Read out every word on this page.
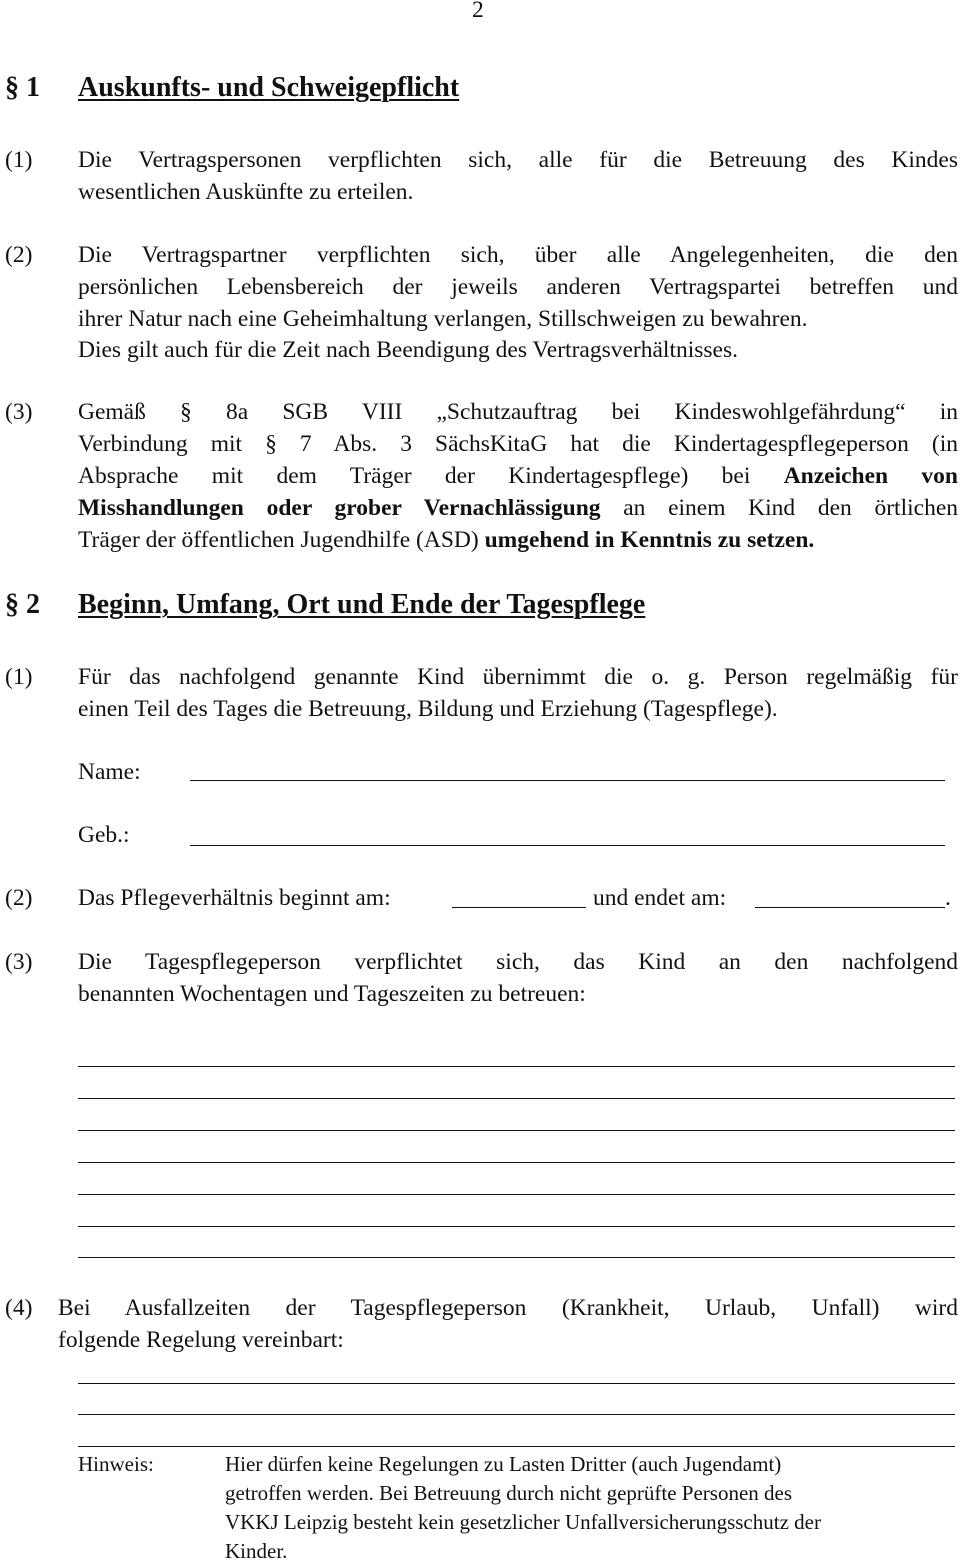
2
§ 1 Auskunfts- und Schweigepflicht
(1) Die Vertragspersonen verpflichten sich, alle für die Betreuung des Kindes
wesentlichen Auskünfte zu erteilen.
(2) Die Vertragspartner verpflichten sich, über alle Angelegenheiten, die den
persönlichen Lebensbereich der jeweils anderen Vertragspartei betreffen und
ihrer Natur nach eine Geheimhaltung verlangen, Stillschweigen zu bewahren.
Dies gilt auch für die Zeit nach Beendigung des Vertragsverhältnisses.
(3) Gemäß § 8a SGB VIII „Schutzauftrag bei Kindeswohlgefährdung“ in
Verbindung mit § 7 Abs. 3 SächsKitaG hat die Kindertagespflegeperson (in
Absprache mit dem Träger der Kindertagespflege) bei Anzeichen von
Misshandlungen oder grober Vernachlässigung an einem Kind den örtlichen
Träger der öffentlichen Jugendhilfe (ASD) umgehend in Kenntnis zu setzen.
§ 2 Beginn, Umfang, Ort und Ende der Tagespflege
(1) Für das nachfolgend genannte Kind übernimmt die o. g. Person regelmäßig für
einen Teil des Tages die Betreuung, Bildung und Erziehung (Tagespflege).
Name:
Geb.:
(2) Das Pflegeverhältnis beginnt am:	und endet am:	.
(3) Die Tagespflegeperson verpflichtet sich, das Kind an den nachfolgend
benannten Wochentagen und Tageszeiten zu betreuen:
(4) Bei Ausfallzeiten der Tagespflegeperson (Krankheit, Urlaub, Unfall) wird
folgende Regelung vereinbart:
Hinweis:	Hier dürfen keine Regelungen zu Lasten Dritter (auch Jugendamt)
getroffen werden. Bei Betreuung durch nicht geprüfte Personen des
VKKJ Leipzig besteht kein gesetzlicher Unfallversicherungsschutz der
Kinder.
